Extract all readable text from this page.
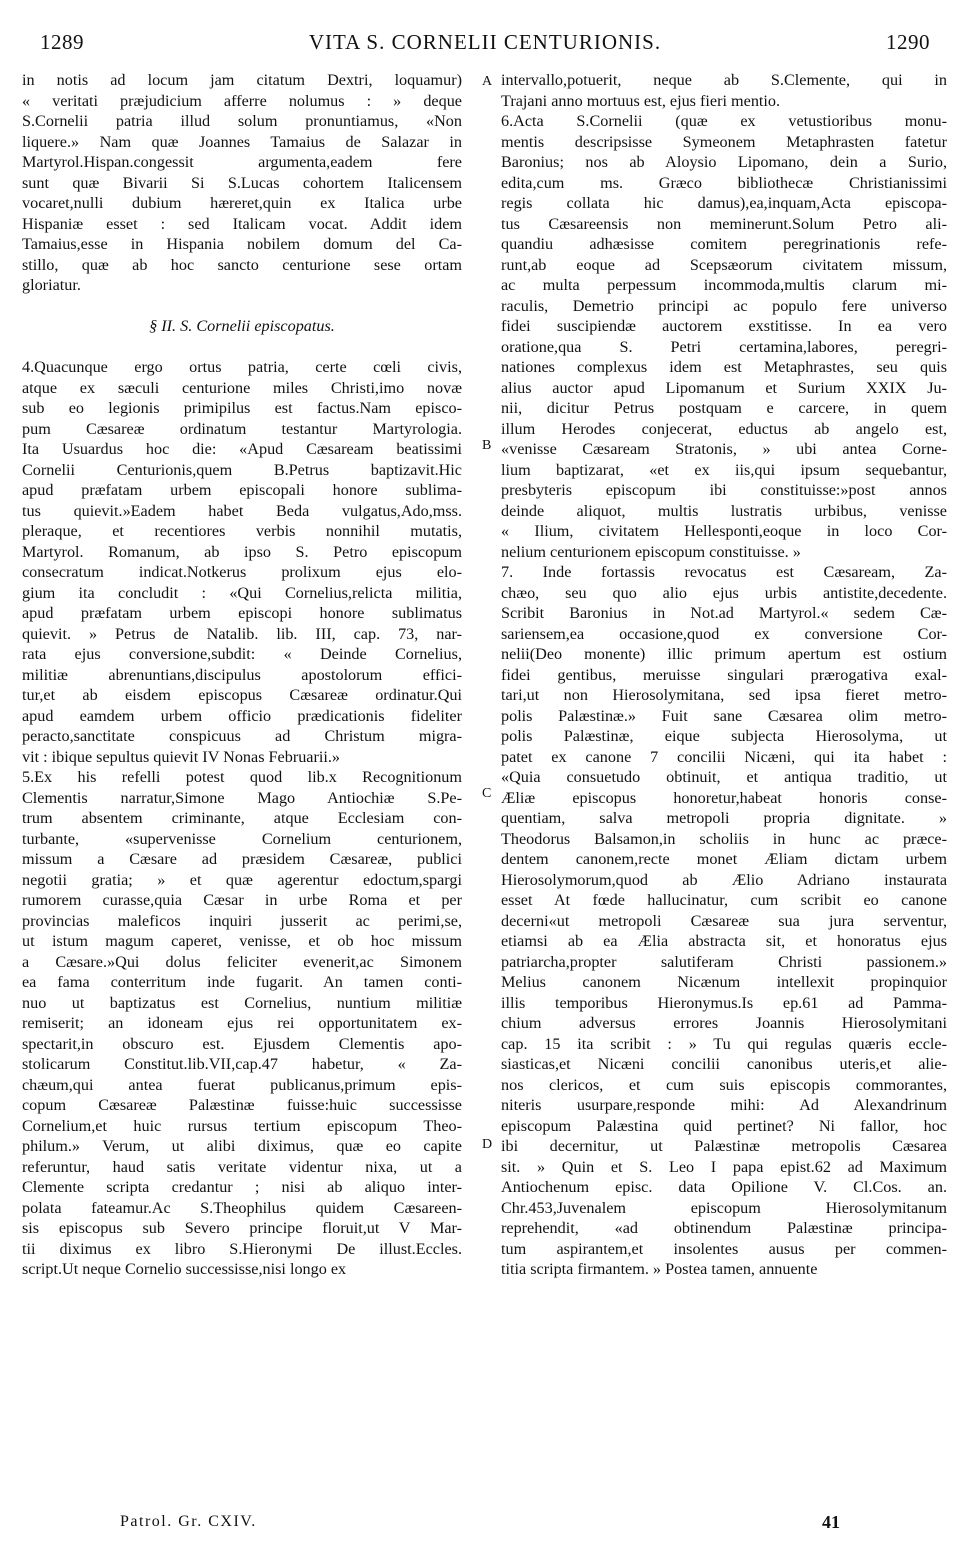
1289	VITA S. CORNELII CENTURIONIS.	1290
in notis ad locum jam citatum Dextri, loquamur)
« veritati præjudicium afferre nolumus : » deque
S.Cornelii patria illud solum pronuntiamus, «Non
liquere.» Nam quæ Joannes Tamaius de Salazar in
Martyrol.Hispan.congessit argumenta,eadem fere
sunt quæ Bivarii Si S.Lucas cohortem Italicensem
vocaret,nulli dubium hæreret,quin ex Italica urbe
Hispaniæ esset : sed Italicam vocat. Addit idem
Tamaius,esse in Hispania nobilem domum del Ca-
stillo, quæ ab hoc sancto centurione sese ortam
gloriatur.
§ II. S. Cornelii episcopatus.
4.Quacunque ergo ortus patria, certe cœli civis,
atque ex sæculi centurione miles Christi,imo novæ
sub eo legionis primipilus est factus.Nam episco-
pum Cæsareæ ordinatum testantur Martyrologia.
Ita Usuardus hoc die: «Apud Cæsaream beatissimi
Cornelii Centurionis,quem B.Petrus baptizavit.Hic
apud præfatam urbem episcopali honore sublima-
tus quievit.»Eadem habet Beda vulgatus,Ado,mss.
pleraque, et recentiores verbis nonnihil mutatis,
Martyrol. Romanum, ab ipso S. Petro episcopum
consecratum indicat.Notkerus prolixum ejus elo-
gium ita concludit : «Qui Cornelius,relicta militia,
apud præfatam urbem episcopi honore sublimatus
quievit. » Petrus de Natalib. lib. III, cap. 73, nar-
rata ejus conversione,subdit: « Deinde Cornelius,
militiæ abrenuntians,discipulus apostolorum effici-
tur,et ab eisdem episcopus Cæsareæ ordinatur.Qui
apud eamdem urbem officio prædicationis fideliter
peracto,sanctitate conspicuus ad Christum migra-
vit : ibique sepultus quievit IV Nonas Februarii.»
5.Ex his refelli potest quod lib.x Recognitionum
Clementis narratur,Simone Mago Antiochiæ S.Pe-
trum absentem criminante, atque Ecclesiam con-
turbante, «supervenisse Cornelium centurionem,
missum a Cæsare ad præsidem Cæsareæ, publici
negotii gratia; » et quæ agerentur edoctum,spargi
rumorem curasse,quia Cæsar in urbe Roma et per
provincias maleficos inquiri jusserit ac perimi,se,
ut istum magum caperet, venisse, et ob hoc missum
a Cæsare.»Qui dolus feliciter evenerit,ac Simonem
ea fama conterritum inde fugarit. An tamen conti-
nuo ut baptizatus est Cornelius, nuntium militiæ
remiserit; an idoneam ejus rei opportunitatem ex-
spectarit,in obscuro est. Ejusdem Clementis apo-
stolicarum Constitut.lib.VII,cap.47 habetur, « Za-
chæum,qui antea fuerat publicanus,primum epis-
copum Cæsareæ Palæstinæ fuisse:huic successisse
Cornelium,et huic rursus tertium episcopum Theo-
philum.» Verum, ut alibi diximus, quæ eo capite
referuntur, haud satis veritate videntur nixa, ut a
Clemente scripta credantur ; nisi ab aliquo inter-
polata fateamur.Ac S.Theophilus quidem Cæsareen-
sis episcopus sub Severo principe floruit,ut V Mar-
tii diximus ex libro S.Hieronymi De illust.Eccles.
script.Ut neque Cornelio successisse,nisi longo ex
intervallo,potuerit, neque ab S.Clemente, qui in
Trajani anno mortuus est, ejus fieri mentio.
6.Acta S.Cornelii (quæ ex vetustioribus monu-
mentis descripsisse Symeonem Metaphrasten fatetur
Baronius; nos ab Aloysio Lipomano, dein a Surio,
edita,cum ms. Græco bibliothecæ Christianissimi
regis collata hic damus),ea,inquam,Acta episcopa-
tus Cæsareensis non meminerunt.Solum Petro ali-
quandiu adhæsisse comitem peregrinationis refe-
runt,ab eoque ad Scepsæorum civitatem missum,
ac multa perpessum incommoda,multis clarum mi-
raculis, Demetrio principi ac populo fere universo
fidei suscipiendæ auctorem exstitisse. In ea vero
oratione,qua S. Petri certamina,labores, peregri-
nationes complexus idem est Metaphrastes, seu quis
alius auctor apud Lipomanum et Surium XXIX Ju-
nii, dicitur Petrus postquam e carcere, in quem
illum Herodes conjecerat, eductus ab angelo est,
«venisse Cæsaream Stratonis, » ubi antea Corne-
lium baptizarat, «et ex iis,qui ipsum sequebantur,
presbyteris episcopum ibi constituisse:»post annos
deinde aliquot, multis lustratis urbibus, venisse
« Ilium, civitatem Hellesponti,eoque in loco Cor-
nelium centurionem episcopum constituisse. »
7. Inde fortassis revocatus est Cæsaream, Za-
chæo, seu quo alio ejus urbis antistite,decedente.
Scribit Baronius in Not.ad Martyrol.« sedem Cæ-
sariensem,ea occasione,quod ex conversione Cor-
nelii(Deo monente) illic primum apertum est ostium
fidei gentibus, meruisse singulari prærogativa exal-
tari,ut non Hierosolymitana, sed ipsa fieret metro-
polis Palæstinæ.» Fuit sane Cæsarea olim metro-
polis Palæstinæ, eique subjecta Hierosolyma, ut
patet ex canone 7 concilii Nicæni, qui ita habet :
«Quia consuetudo obtinuit, et antiqua traditio, ut
Æliæ episcopus honoretur,habeat honoris conse-
quentiam, salva metropoli propria dignitate. »
Theodorus Balsamon,in scholiis in hunc ac præce-
dentem canonem,recte monet Æliam dictam urbem
Hierosolymorum,quod ab Ælio Adriano instaurata
esset At fœde hallucinatur, cum scribit eo canone
decerni«ut metropoli Cæsareæ sua jura serventur,
etiamsi ab ea Ælia abstracta sit, et honoratus ejus
patriarcha,propter salutiferam Christi passionem.»
Melius canonem Nicænum intellexit propinquior
illis temporibus Hieronymus.Is ep.61 ad Pamma-
chium adversus errores Joannis Hierosolymitani
cap. 15 ita scribit : » Tu qui regulas quæris eccle-
siasticas,et Nicæni concilii canonibus uteris,et alie-
nos clericos, et cum suis episcopis commorantes,
niteris usurpare,responde mihi: Ad Alexandrinum
episcopum Palæstina quid pertinet? Ni fallor, hoc
ibi decernitur, ut Palæstinæ metropolis Cæsarea
sit. » Quin et S. Leo I papa epist.62 ad Maximum
Antiochenum episc. data Opilione V. Cl.Cos. an.
Chr.453,Juvenalem episcopum Hierosolymitanum
reprehendit, «ad obtinendum Palæstinæ principa-
tum aspirantem,et insolentes ausus per commen-
titia scripta firmantem. » Postea tamen, annuente
A
B
C
D
Patrol. Gr. CXIV.	41
